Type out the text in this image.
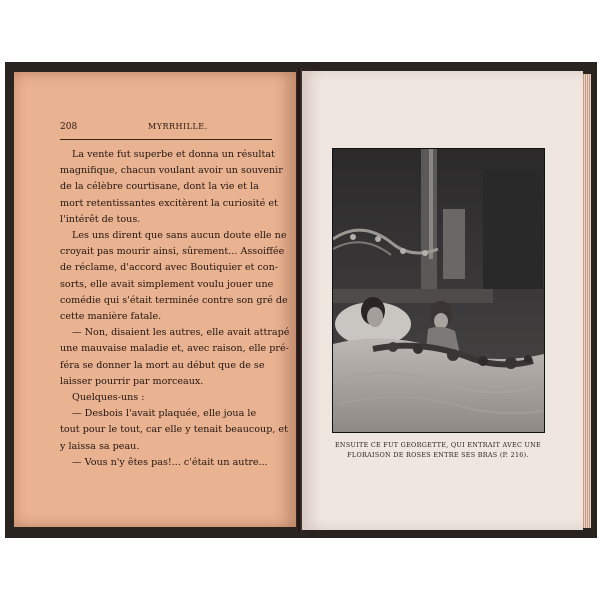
208	MYRRHILLE.

La vente fut superbe et donna un résultat
magnifique, chacun voulant avoir un souvenir
de la célèbre courtisane, dont la vie et la
mort retentissantes excitèrent la curiosité et
l'intérêt de tous.

Les uns dirent que sans aucun doute elle ne
croyait pas mourir ainsi, sûrement... Assoiffée
de réclame, d'accord avec Boutiquier et con-
sorts, elle avait simplement voulu jouer une
comédie qui s'était terminée contre son gré de
cette manière fatale.

— Non, disaient les autres, elle avait attrapé
une mauvaise maladie et, avec raison, elle pré-
féra se donner la mort au début que de se
laisser pourrir par morceaux.

Quelques-uns :

— Desbois l'avait plaquée, elle joua le
tout pour le tout, car elle y tenait beaucoup, et
y laissa sa peau.

— Vous n'y êtes pas!... c'était un autre...

ENSUITE CE FUT GEORGETTE, QUI ENTRAIT AVEC UNE
FLORAISON DE ROSES ENTRE SES BRAS (P. 216).
